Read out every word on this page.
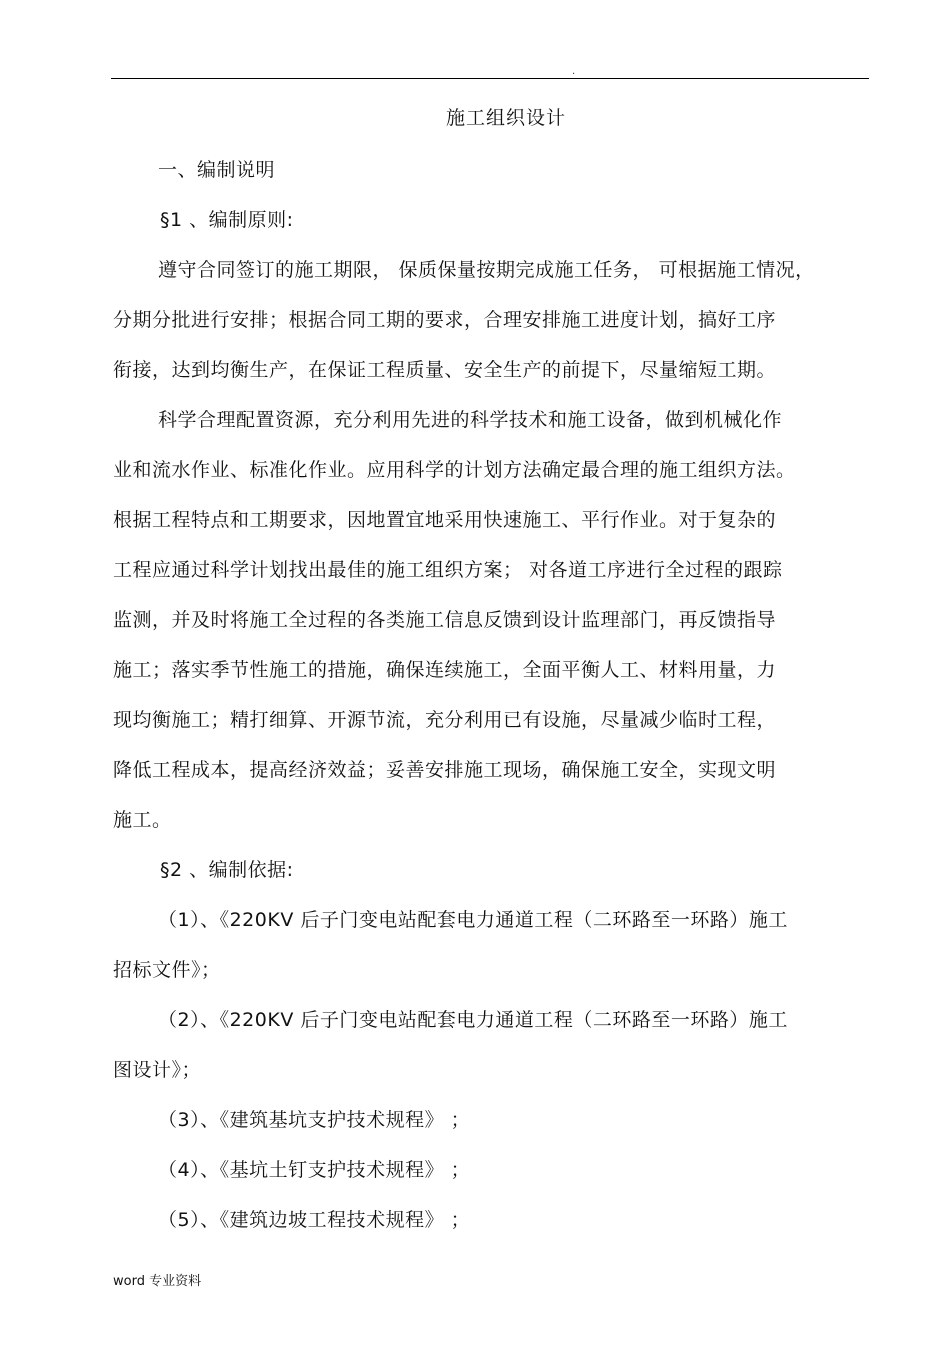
.
施工组织设计
一、编制说明
§1 、编制原则:
遵守合同签订的施工期限， 保质保量按期完成施工任务， 可根据施工情况，
分期分批进行安排；根据合同工期的要求，合理安排施工进度计划，搞好工序
衔接，达到均衡生产，在保证工程质量、安全生产的前提下，尽量缩短工期。
科学合理配置资源，充分利用先进的科学技术和施工设备，做到机械化作
业和流水作业、标准化作业。应用科学的计划方法确定最合理的施工组织方法。
根据工程特点和工期要求，因地置宜地采用快速施工、平行作业。对于复杂的
工程应通过科学计划找出最佳的施工组织方案； 对各道工序进行全过程的跟踪
监测，并及时将施工全过程的各类施工信息反馈到设计监理部门，再反馈指导
施工；落实季节性施工的措施，确保连续施工，全面平衡人工、材料用量，力
现均衡施工；精打细算、开源节流，充分利用已有设施，尽量减少临时工程，
降低工程成本，提高经济效益；妥善安排施工现场，确保施工安全，实现文明
施工。
§2 、编制依据:
（1）、《220KV 后子门变电站配套电力通道工程（二环路至一环路）施工
招标文件》；
（2）、《220KV 后子门变电站配套电力通道工程（二环路至一环路）施工
图设计》；
（3）、《建筑基坑支护技术规程》 ；
（4）、《基坑土钉支护技术规程》 ；
（5）、《建筑边坡工程技术规程》 ；
word 专业资料
